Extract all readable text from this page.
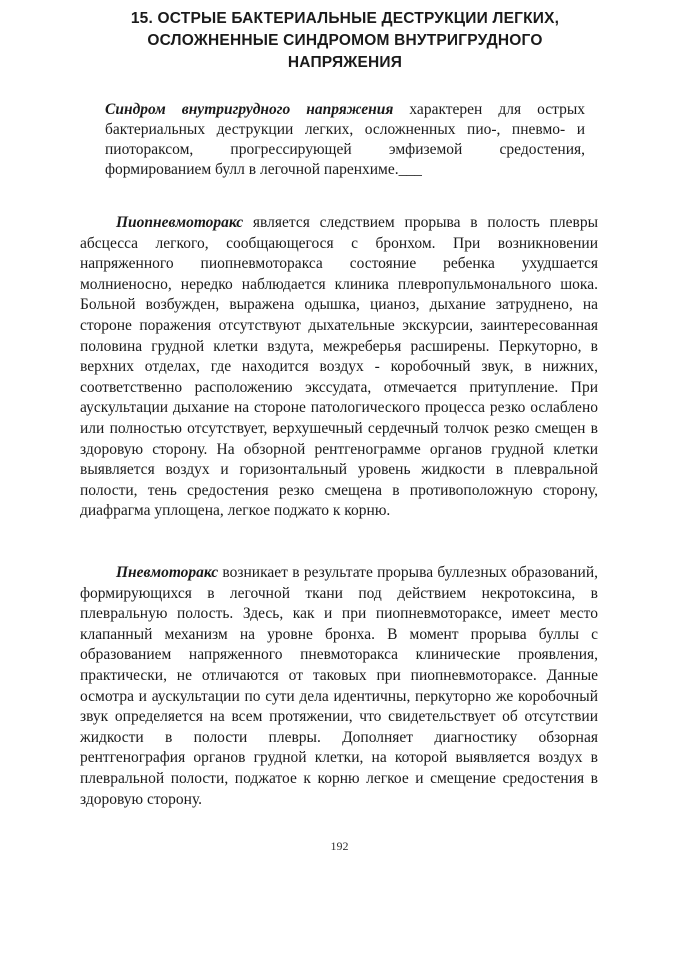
15. ОСТРЫЕ БАКТЕРИАЛЬНЫЕ ДЕСТРУКЦИИ ЛЕГКИХ,
ОСЛОЖНЕННЫЕ СИНДРОМОМ ВНУТРИГРУДНОГО
НАПРЯЖЕНИЯ

Синдром внутригрудного напряжения характерен для острых бактериальных деструкции легких, осложненных пио-, пневмо- и пиотораксом, прогрессирующей эмфиземой средостения, формированием булл в легочной паренхиме.___

Пиопневмоторакс является следствием прорыва в полость плевры абсцесса легкого, сообщающегося с бронхом. При возникновении напряженного пиопневмоторакса состояние ребенка ухудшается молниеносно, нередко наблюдается клиника плевропульмонального шока. Больной возбужден, выражена одышка, цианоз, дыхание затруднено, на стороне поражения отсутствуют дыхательные экскурсии, заинтересованная половина грудной клетки вздута, межреберья расширены. Перкуторно, в верхних отделах, где находится воздух - коробочный звук, в нижних, соответственно расположению экссудата, отмечается притупление. При аускультации дыхание на стороне патологического процесса резко ослаблено или полностью отсутствует, верхушечный сердечный толчок резко смещен в здоровую сторону. На обзорной рентгенограмме органов грудной клетки выявляется воздух и горизонтальный уровень жидкости в плевральной полости, тень средостения резко смещена в противоположную сторону, диафрагма уплощена, легкое поджато к корню.

Пневмоторакс возникает в результате прорыва буллезных образований, формирующихся в легочной ткани под действием некротоксина, в плевральную полость. Здесь, как и при пиопневмотораксе, имеет место клапанный механизм на уровне бронха. В момент прорыва буллы с образованием напряженного пневмоторакса клинические проявления, практически, не отличаются от таковых при пиопневмотораксе. Данные осмотра и аускультации по сути дела идентичны, перкуторно же коробочный звук определяется на всем протяжении, что свидетельствует об отсутствии жидкости в полости плевры. Дополняет диагностику обзорная рентгенография органов грудной клетки, на которой выявляется воздух в плевральной полости, поджатое к корню легкое и смещение средостения в здоровую сторону.

192
